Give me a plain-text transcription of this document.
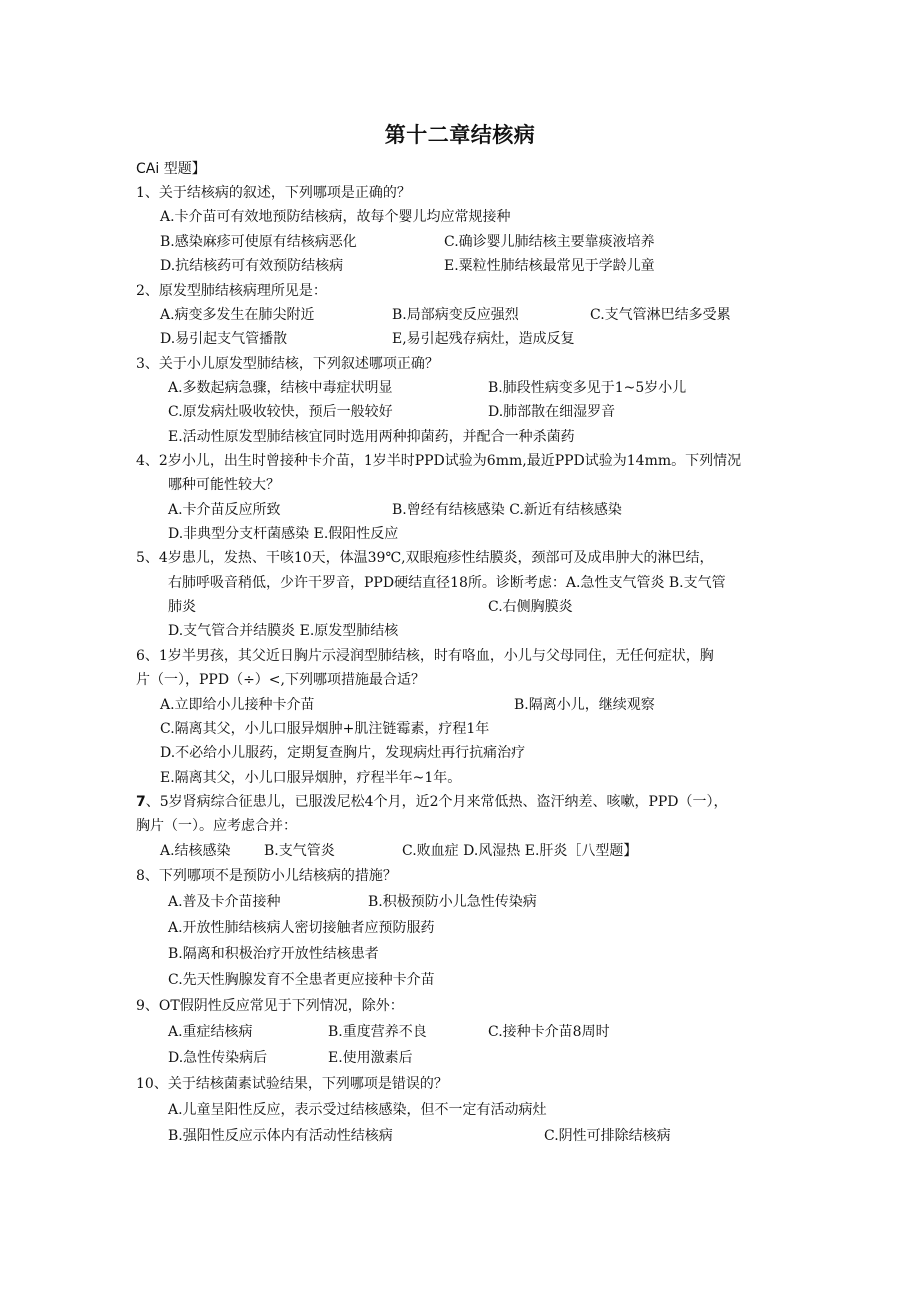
第十二章结核病
CAi 型题】
1、关于结核病的叙述，下列哪项是正确的？
A.卡介苗可有效地预防结核病，故每个婴儿均应常规接种
B.感染麻疹可使原有结核病恶化	C.确诊婴儿肺结核主要靠痰液培养
D.抗结核药可有效预防结核病	E.粟粒性肺结核最常见于学龄儿童
2、原发型肺结核病理所见是：
A.病变多发生在肺尖附近	B.局部病变反应强烈	C.支气管淋巴结多受累
D.易引起支气管播散	E,易引起残存病灶，造成反复
3、关于小儿原发型肺结核，下列叙述哪项正确？
A.多数起病急骤，结核中毒症状明显	B.肺段性病变多见于1~5岁小儿
C.原发病灶吸收较快，预后一般较好	D.肺部散在细湿罗音
E.活动性原发型肺结核宜同时选用两种抑菌药，并配合一种杀菌药
4、2岁小儿，出生时曾接种卡介苗，1岁半时PPD试验为6mm,最近PPD试验为14mm。下列情况
哪种可能性较大？
A.卡介苗反应所致	B.曾经有结核感染 C.新近有结核感染
D.非典型分支杆菌感染 E.假阳性反应
5、4岁患儿，发热、干咳10天，体温39℃,双眼疱疹性结膜炎，颈部可及成串肿大的淋巴结，
右肺呼吸音稍低，少许干罗音，PPD硬结直径18所。诊断考虑：A.急性支气管炎 B.支气管
肺炎	C.右侧胸膜炎
D.支气管合并结膜炎 E.原发型肺结核
6、1岁半男孩，其父近日胸片示浸润型肺结核，时有咯血，小儿与父母同住，无任何症状，胸
片（一），PPD（÷）<,下列哪项措施最合适？
A.立即给小儿接种卡介苗	B.隔离小儿，继续观察
C.隔离其父，小儿口服异烟肿+肌注链霉素，疗程1年
D.不必给小儿服药，定期复查胸片，发现病灶再行抗痛治疗
E.隔离其父，小儿口服异烟肿，疗程半年~1年。
7、5岁肾病综合征患儿，已服泼尼松4个月，近2个月来常低热、盗汗纳差、咳嗽，PPD（一），
胸片（一）。应考虑合并：
A.结核感染 B.支气管炎	C.败血症 D.风湿热 E.肝炎［八型题】
8、下列哪项不是预防小儿结核病的措施？
A.普及卡介苗接种	B.积极预防小儿急性传染病
A.开放性肺结核病人密切接触者应预防服药
B.隔离和积极治疗开放性结核患者
C.先天性胸腺发育不全患者更应接种卡介苗
9、OT假阴性反应常见于下列情况，除外：
A.重症结核病	B.重度营养不良	C.接种卡介苗8周时
D.急性传染病后	E.使用激素后
10、关于结核菌素试验结果，下列哪项是错误的？
A.儿童呈阳性反应，表示受过结核感染，但不一定有活动病灶
B.强阳性反应示体内有活动性结核病	C.阴性可排除结核病
